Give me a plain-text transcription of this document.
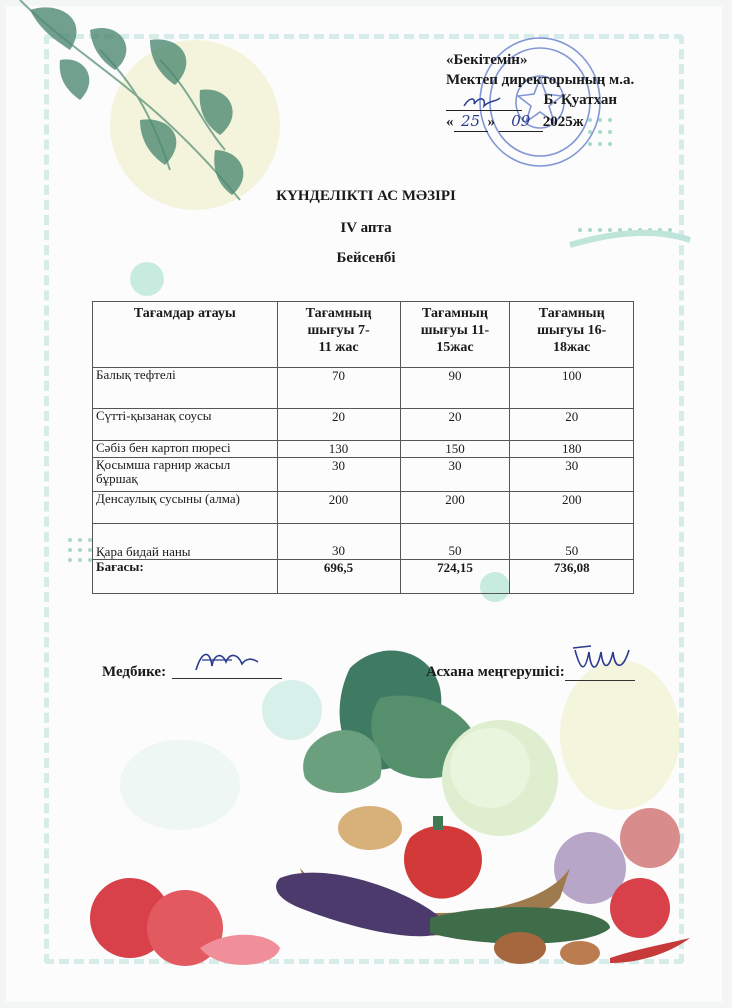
«Бекітемін»
Мектеп директорының м.а.
Б. Қуатхан
« 25 » 09 2025ж
КҮНДЕЛІКТІ АС МӘЗІРІ
IV апта
Бейсенбі
Тағамдар атауы	Тағамның шығуы 7-11 жас	Тағамның шығуы 11-15жас	Тағамның шығуы 16-18жас
Балық тефтелі	70	90	100
Сүтті-қызанақ соусы	20	20	20
Сәбіз бен картоп пюресі	130	150	180
Қосымша гарнир жасыл бұршақ	30	30	30
Денсаулық сусыны (алма)	200	200	200
Қара бидай наны	30	50	50
Бағасы:	696,5	724,15	736,08
Медбике:	Асхана меңгерушісі:
